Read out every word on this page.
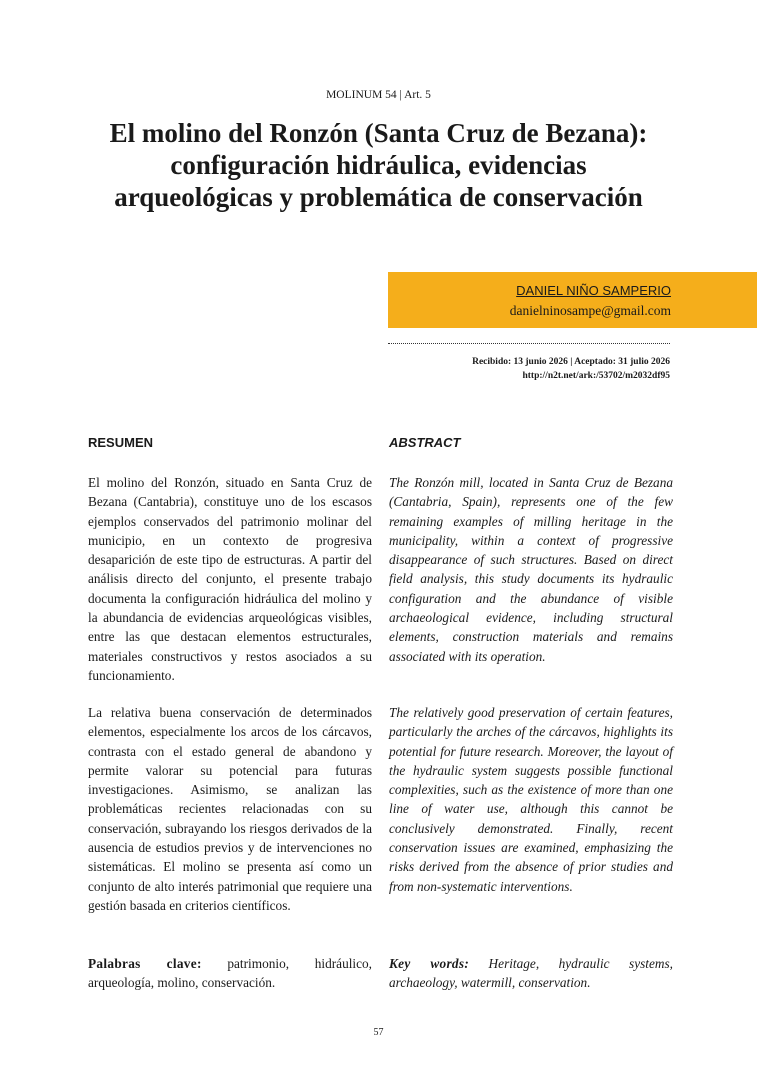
MOLINUM 54 | Art. 5
El molino del Ronzón (Santa Cruz de Bezana): configuración hidráulica, evidencias arqueológicas y problemática de conservación
DANIEL NIÑO SAMPERIO
danielninosampe@gmail.com
Recibido: 13 junio 2026 | Aceptado: 31 julio 2026
http://n2t.net/ark:/53702/m2032df95
RESUMEN	ABSTRACT

El molino del Ronzón, situado en Santa Cruz de Bezana (Cantabria), constituye uno de los escasos ejemplos conservados del patrimonio molinar del municipio, en un contexto de progresiva desaparición de este tipo de estructuras. A partir del análisis directo del conjunto, el presente trabajo documenta la configuración hidráulica del molino y la abundancia de evidencias arqueológicas visibles, entre las que destacan elementos estructurales, materiales constructivos y restos asociados a su funcionamiento.

La relativa buena conservación de determinados elementos, especialmente los arcos de los cárcavos, contrasta con el estado general de abandono y permite valorar su potencial para futuras investigaciones. Asimismo, se analizan las problemáticas recientes relacionadas con su conservación, subrayando los riesgos derivados de la ausencia de estudios previos y de intervenciones no sistemáticas. El molino se presenta así como un conjunto de alto interés patrimonial que requiere una gestión basada en criterios científicos.

Palabras clave: patrimonio, hidráulico, arqueología, molino, conservación.

The Ronzón mill, located in Santa Cruz de Bezana (Cantabria, Spain), represents one of the few remaining examples of milling heritage in the municipality, within a context of progressive disappearance of such structures. Based on direct field analysis, this study documents its hydraulic configuration and the abundance of visible archaeological evidence, including structural elements, construction materials and remains associated with its operation.

The relatively good preservation of certain features, particularly the arches of the cárcavos, highlights its potential for future research. Moreover, the layout of the hydraulic system suggests possible functional complexities, such as the existence of more than one line of water use, although this cannot be conclusively demonstrated. Finally, recent conservation issues are examined, emphasizing the risks derived from the absence of prior studies and from non-systematic interventions.

Key words: Heritage, hydraulic systems, archaeology, watermill, conservation.

57
